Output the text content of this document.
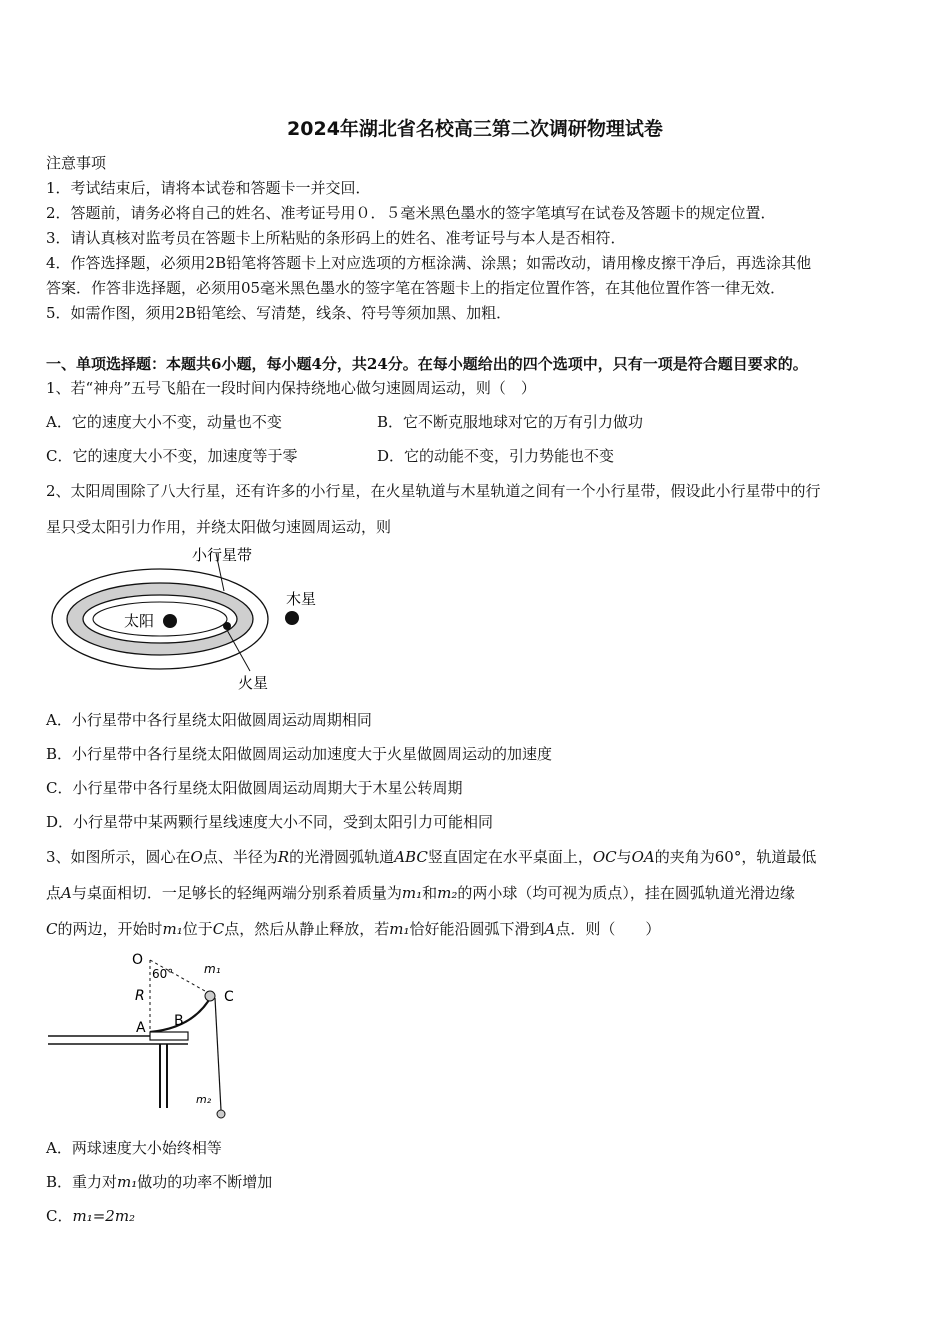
2024年湖北省名校高三第二次调研物理试卷
注意事项
1．考试结束后，请将本试卷和答题卡一并交回．
2．答题前，请务必将自己的姓名、准考证号用０．５毫米黑色墨水的签字笔填写在试卷及答题卡的规定位置．
3．请认真核对监考员在答题卡上所粘贴的条形码上的姓名、准考证号与本人是否相符．
4．作答选择题，必须用2B铅笔将答题卡上对应选项的方框涂满、涂黑；如需改动，请用橡皮擦干净后，再选涂其他
答案．作答非选择题，必须用05毫米黑色墨水的签字笔在答题卡上的指定位置作答，在其他位置作答一律无效．
5．如需作图，须用2B铅笔绘、写清楚，线条、符号等须加黑、加粗．
一、单项选择题：本题共6小题，每小题4分，共24分。在每小题给出的四个选项中，只有一项是符合题目要求的。
1、若“神舟”五号飞船在一段时间内保持绕地心做匀速圆周运动，则（　）
A．它的速度大小不变，动量也不变	B．它不断克服地球对它的万有引力做功
C．它的速度大小不变，加速度等于零	D．它的动能不变，引力势能也不变
2、太阳周围除了八大行星，还有许多的小行星，在火星轨道与木星轨道之间有一个小行星带，假设此小行星带中的行
星只受太阳引力作用，并绕太阳做匀速圆周运动，则
小行星带
木星
太阳
火星
A．小行星带中各行星绕太阳做圆周运动周期相同
B．小行星带中各行星绕太阳做圆周运动加速度大于火星做圆周运动的加速度
C．小行星带中各行星绕太阳做圆周运动周期大于木星公转周期
D．小行星带中某两颗行星线速度大小不同，受到太阳引力可能相同
3、如图所示，圆心在O点、半径为R的光滑圆弧轨道ABC竖直固定在水平桌面上，OC与OA的夹角为60°，轨道最低
点A与桌面相切．一足够长的轻绳两端分别系着质量为m₁和m₂的两小球（均可视为质点），挂在圆弧轨道光滑边缘
C的两边，开始时m₁位于C点，然后从静止释放，若m₁恰好能沿圆弧下滑到A点．则（　　）
O
60°	m₁
R	C
A B
m₂
A．两球速度大小始终相等
B．重力对m₁做功的功率不断增加
C．m₁=2m₂
